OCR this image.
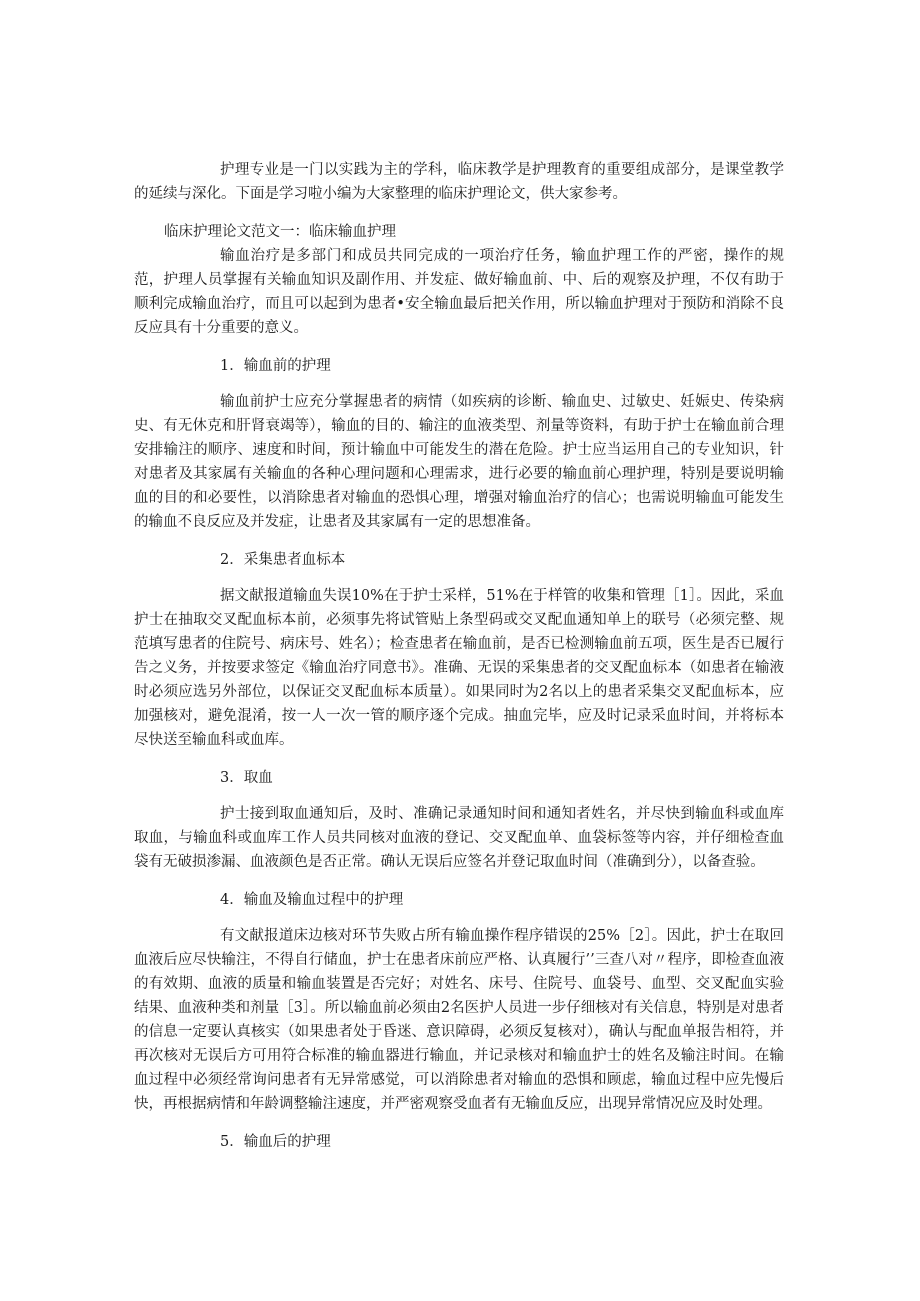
护理专业是一门以实践为主的学科，临床教学是护理教育的重要组成部分，是课堂教学的延续与深化。下面是学习啦小编为大家整理的临床护理论文，供大家参考。

临床护理论文范文一：临床输血护理

输血治疗是多部门和成员共同完成的一项治疗任务，输血护理工作的严密，操作的规范，护理人员掌握有关输血知识及副作用、并发症、做好输血前、中、后的观察及护理，不仅有助于顺利完成输血治疗，而且可以起到为患者•安全输血最后把关作用，所以输血护理对于预防和消除不良反应具有十分重要的意义。

1．输血前的护理

输血前护士应充分掌握患者的病情（如疾病的诊断、输血史、过敏史、妊娠史、传染病史、有无休克和肝肾衰竭等），输血的目的、输注的血液类型、剂量等资料，有助于护士在输血前合理安排输注的顺序、速度和时间，预计输血中可能发生的潜在危险。护士应当运用自己的专业知识，针对患者及其家属有关输血的各种心理问题和心理需求，进行必要的输血前心理护理，特别是要说明输血的目的和必要性，以消除患者对输血的恐惧心理，增强对输血治疗的信心；也需说明输血可能发生的输血不良反应及并发症，让患者及其家属有一定的思想准备。

2．采集患者血标本

据文献报道输血失误10%在于护士采样，51%在于样管的收集和管理［1］。因此，采血护士在抽取交叉配血标本前，必须事先将试管贴上条型码或交叉配血通知单上的联号（必须完整、规范填写患者的住院号、病床号、姓名）；检查患者在输血前，是否已检测输血前五项，医生是否已履行告之义务，并按要求签定《输血治疗同意书》。准确、无误的采集患者的交叉配血标本（如患者在输液时必须应选另外部位，以保证交叉配血标本质量）。如果同时为2名以上的患者采集交叉配血标本，应加强核对，避免混淆，按一人一次一管的顺序逐个完成。抽血完毕，应及时记录采血时间，并将标本尽快送至输血科或血库。

3．取血

护士接到取血通知后，及时、准确记录通知时间和通知者姓名，并尽快到输血科或血库取血，与输血科或血库工作人员共同核对血液的登记、交叉配血单、血袋标签等内容，并仔细检查血袋有无破损渗漏、血液颜色是否正常。确认无误后应签名并登记取血时间（准确到分），以备查验。

4．输血及输血过程中的护理

有文献报道床边核对环节失败占所有输血操作程序错误的25%［2］。因此，护士在取回血液后应尽快输注，不得自行储血，护士在患者床前应严格、认真履行’’三查八对〃程序，即检查血液的有效期、血液的质量和输血装置是否完好；对姓名、床号、住院号、血袋号、血型、交叉配血实验结果、血液种类和剂量［3］。所以输血前必须由2名医护人员进一步仔细核对有关信息，特别是对患者的信息一定要认真核实（如果患者处于昏迷、意识障碍，必须反复核对），确认与配血单报告相符，并再次核对无误后方可用符合标准的输血器进行输血，并记录核对和输血护士的姓名及输注时间。在输血过程中必须经常询问患者有无异常感觉，可以消除患者对输血的恐惧和顾虑，输血过程中应先慢后快，再根据病情和年龄调整输注速度，并严密观察受血者有无输血反应，出现异常情况应及时处理。

5．输血后的护理
